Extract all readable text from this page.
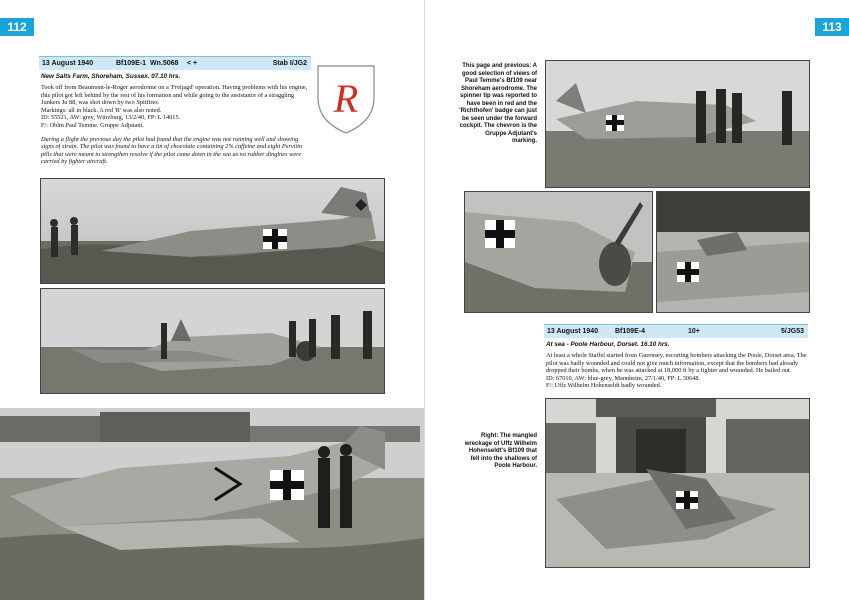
112
13 August 1940	Bf109E-1 Wn.5068 < +	Stab I/JG2
New Salts Farm, Shoreham, Sussex. 07.10 hrs.

Took off from Beaumont-le-Roger aerodrome on a 'Freijagd' operation. Having problems with his engine, this pilot got left behind by the rest of his formation and while going to the assistance of a straggling Junkers Ju 88, was shot down by two Spitfires.

Markings: all in black. A red 'R' was also noted.

ID: 55521, AW: grey, Würzburg, 13/2/40, FP: L 14015.

F/: Oblm Paul Temme. Gruppe Adjutant.

During a flight the previous day the pilot had found that the engine was not running well and showing signs of strain. The pilot was found to have a tin of chocolate containing 2% caffeine and eight Pervitin pills that were meant to strengthen resolve if the pilot came down in the sea as no rubber dinghies were carried by fighter aircraft.

R
113
This page and previous: A good selection of views of Paul Temme's Bf109 near Shoreham aerodrome. The spinner tip was reported to have been in red and the 'Richthofen' badge can just be seen under the forward cockpit. The chevron is the Gruppe Adjutant's marking.
13 August 1940 Bf109E-4	10+	5/JG53
At sea - Poole Harbour, Dorset. 16.10 hrs.

At least a whole Staffel started from Guernsey, escorting bombers attacking the Poole, Dorset area. The pilot was badly wounded and could not give much information, except that the bombers had already dropped their bombs, when he was attacked at 18,000 ft by a fighter and wounded. He bailed out.

ID: 67010, AW: blue-grey, Mannheim, 27/1/40, FP: L 30648.

F/: Uffz Wilhelm Hohenseldt badly wounded.

Right: The mangled wreckage of Uffz Wilhelm Hohenseldt's Bf109 that fell into the shallows of Poole Harbour.
